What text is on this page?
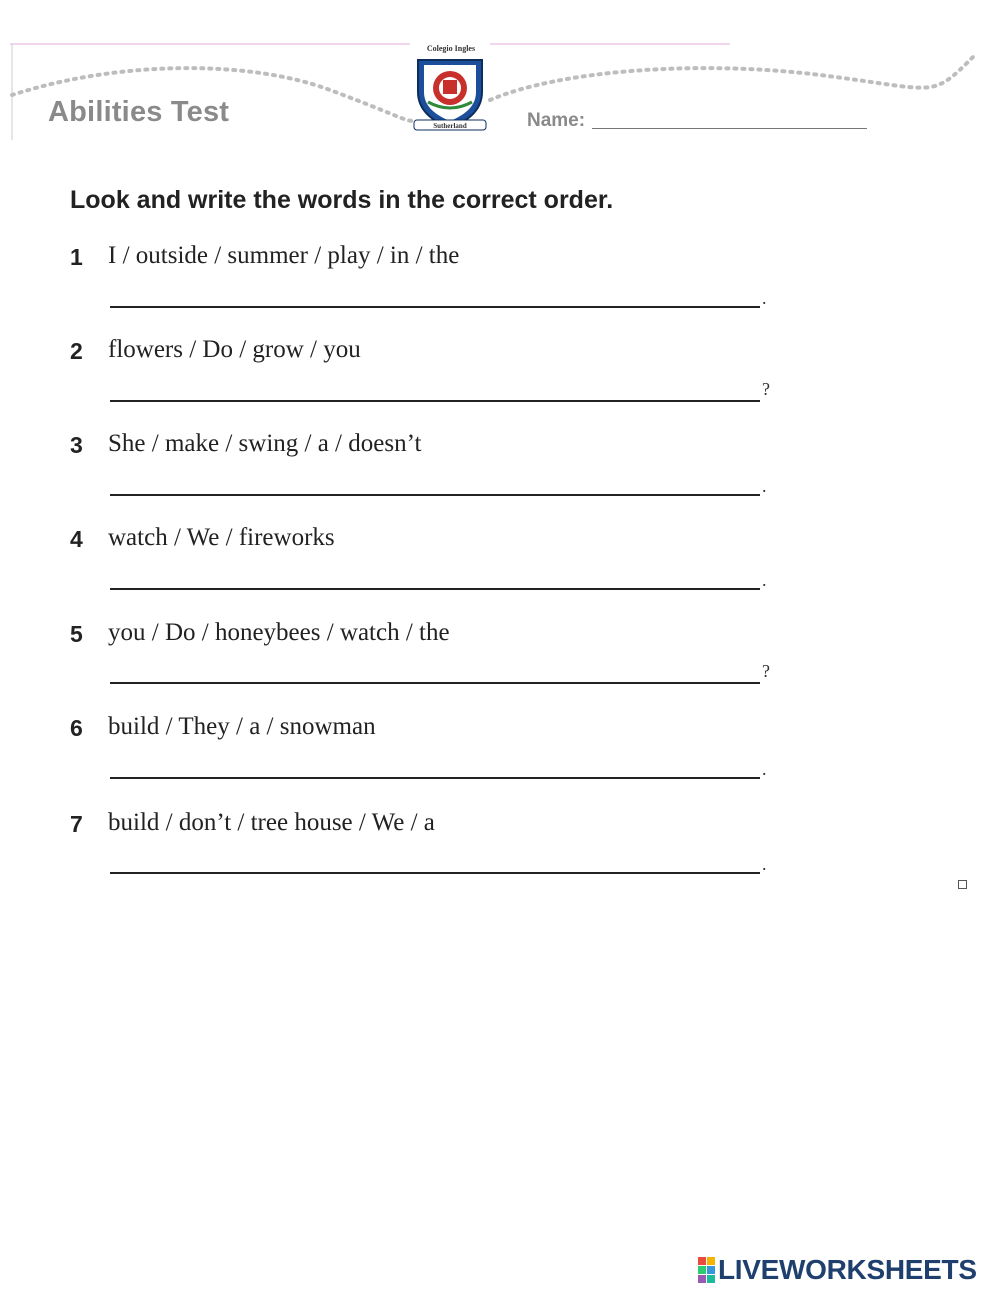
Sutherland
Colegio Ingles
Abilities Test	Name:
Look and write the words in the correct order.
1 I / outside / summer / play / in / the
.
2 flowers / Do / grow / you
?
3 She / make / swing / a / doesn’t
.
4 watch / We / fireworks
.
5 you / Do / honeybees / watch / the
?
6 build / They / a / snowman
.
7 build / don’t / tree house / We / a
.
LIVEWORKSHEETS
